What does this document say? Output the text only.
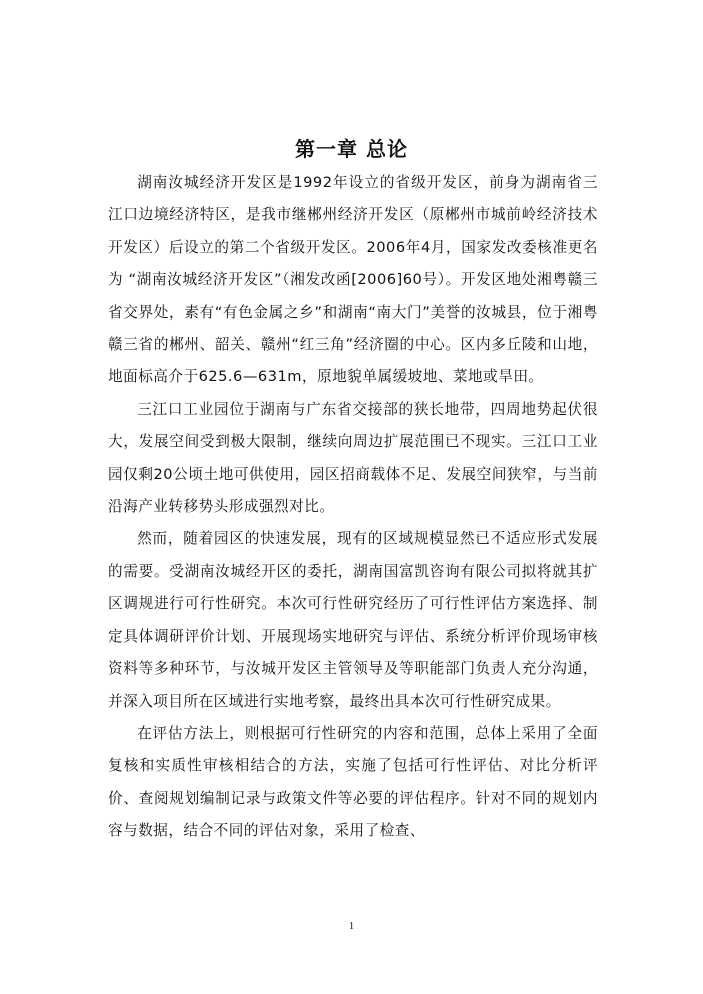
第一章 总论

湖南汝城经济开发区是1992年设立的省级开发区，前身为湖南省三江口边境经济特区，是我市继郴州经济开发区（原郴州市城前岭经济技术开发区）后设立的第二个省级开发区。2006年4月，国家发改委核准更名为 “湖南汝城经济开发区”（湘发改函[2006]60号）。开发区地处湘粤赣三省交界处，素有“有色金属之乡”和湖南“南大门”美誉的汝城县，位于湘粤赣三省的郴州、韶关、赣州“红三角”经济圈的中心。区内多丘陵和山地，地面标高介于625.6—631m，原地貌单属缓坡地、菜地或旱田。

三江口工业园位于湖南与广东省交接部的狭长地带，四周地势起伏很大，发展空间受到极大限制，继续向周边扩展范围已不现实。三江口工业园仅剩20公顷土地可供使用，园区招商载体不足、发展空间狭窄，与当前沿海产业转移势头形成强烈对比。

然而，随着园区的快速发展，现有的区域规模显然已不适应形式发展的需要。受湖南汝城经开区的委托，湖南国富凯咨询有限公司拟将就其扩区调规进行可行性研究。本次可行性研究经历了可行性评估方案选择、制定具体调研评价计划、开展现场实地研究与评估、系统分析评价现场审核资料等多种环节，与汝城开发区主管领导及等职能部门负责人充分沟通，并深入项目所在区域进行实地考察，最终出具本次可行性研究成果。

在评估方法上，则根据可行性研究的内容和范围，总体上采用了全面复核和实质性审核相结合的方法，实施了包括可行性评估、对比分析评价、查阅规划编制记录与政策文件等必要的评估程序。针对不同的规划内容与数据，结合不同的评估对象，采用了检查、

1
